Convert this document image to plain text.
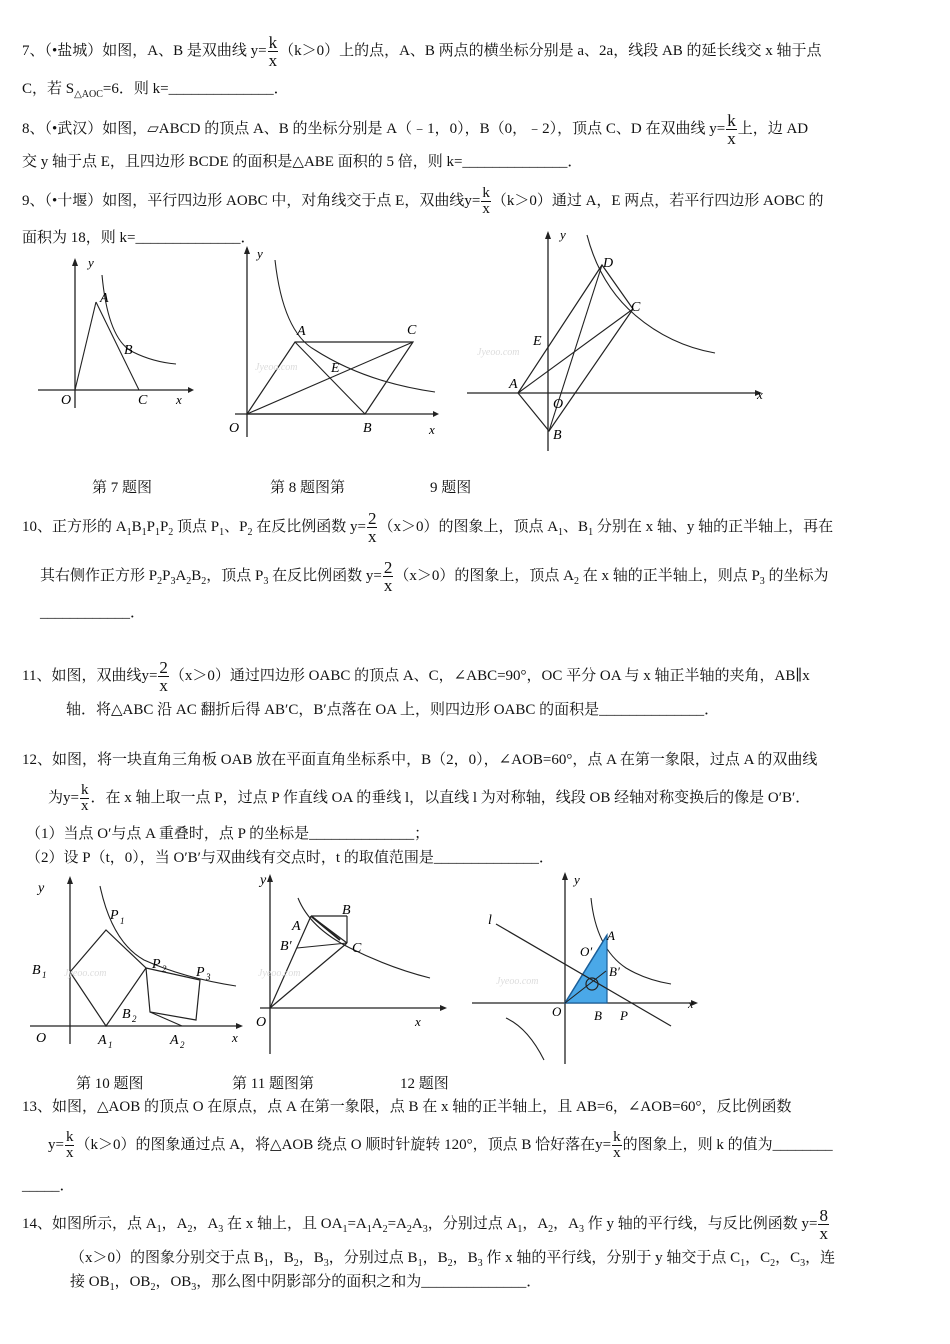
7、（•盐城）如图，A、B 是双曲线 $y= \frac{k}{x} (k>0)$上的点，A、B 两点的横坐标分别是 a、2a，线段 AB 的延长线交 x 轴于点
C，若 $S_{\triangle AOC}=6$．则 k=______________．
8、（•武汉）如图，▱ABCD 的顶点 A、B 的坐标分别是 A（﹣1，0），B（0，﹣2），顶点 C、D 在双曲线 $y= \frac{k}{x}$ 上，边 AD
交 y 轴于点 E，且四边形 BCDE 的面积是△ABE 面积的 5 倍，则 k=______________．
9、（•十堰）如图，平行四边形 AOBC 中，对角线交于点 E，双曲线$y= \frac{k}{x} (k>0)$通过 A，E 两点，若平行四边形 AOBC 的
面积为 18，则 k=______________．
y
A
B
O	C x
y
A	C
E
O	B	x
Jyeoo.com
y
D
C
E
A
O
B
x
Jyeoo.com
第 7 题图	第 8 题图第	9 题图
10、正方形的 $A_1B_1P_1P_2$ 顶点 $P_1$、$P_2$ 在反比例函数 $y= \frac{2}{x} (x>0)$的图象上，顶点 $A_1$、$B_1$ 分别在 x 轴、y 轴的正半轴上，再在
其右侧作正方形 $P_2P_3A_2B_2$，顶点 $P_3$ 在反比例函数 $y= \frac{2}{x} (x>0)$的图象上，顶点 $A_2$ 在 x 轴的正半轴上，则点 $P_3$ 的坐标为
____________．
11、如图，双曲线$y= \frac{2}{x} (x>0)$通过四边形 OABC 的顶点 A、C，∠ABC=90°，OC 平分 OA 与 x 轴正半轴的夹角，AB∥x
轴．将△ABC 沿 AC 翻折后得 AB′C，B′点落在 OA 上，则四边形 OABC 的面积是______________．
12、如图，将一块直角三角板 OAB 放在平面直角坐标系中，B（2，0），∠AOB=60°，点 A 在第一象限，过点 A 的双曲线
为$y= \frac{k}{x}$ ．在 x 轴上取一点 P，过点 P 作直线 OA 的垂线 l，以直线 l 为对称轴，线段 OB 经轴对称变换后的像是 O′B′．
（1）当点 O′与点 A 重叠时，点 P 的坐标是______________；
（2）设 P（t，0），当 O′B′与双曲线有交点时，t 的取值范围是______________．
y
P 1
P 2 P 3
B 1
B 2
O	A 1	A 2	x
Jyeoo.com
y
A
B
B′	C
O	x
Jyeoo.com
y
l
A
O′
B′
O	B P
x
Jyeoo.com
第 10 题图	第 11 题图第	12 题图
13、如图，△AOB 的顶点 O 在原点，点 A 在第一象限，点 B 在 x 轴的正半轴上，且 AB=6，∠AOB=60°，反比例函数
$y= \frac{k}{x} (k>0)$的图象通过点 A，将△AOB 绕点 O 顺时针旋转 120°，顶点 B 恰好落在$y= \frac{k}{x}$ 的图象上，则 k 的值为________
_____．
14、如图所示，点 $A_1$，$A_2$，$A_3$ 在 x 轴上，且 $OA_1=A_1A_2=A_2A_3$，分别过点 $A_1$，$A_2$，$A_3$ 作 y 轴的平行线，与反比例函数 $y= \frac{8}{x}$
（x＞0）的图象分别交于点 $B_1$，$B_2$，$B_3$，分别过点 $B_1$，$B_2$，$B_3$ 作 x 轴的平行线，分别于 y 轴交于点 $C_1$，$C_2$，$C_3$，连
接 $OB_1$，$OB_2$，$OB_3$，那么图中阴影部分的面积之和为______________．
